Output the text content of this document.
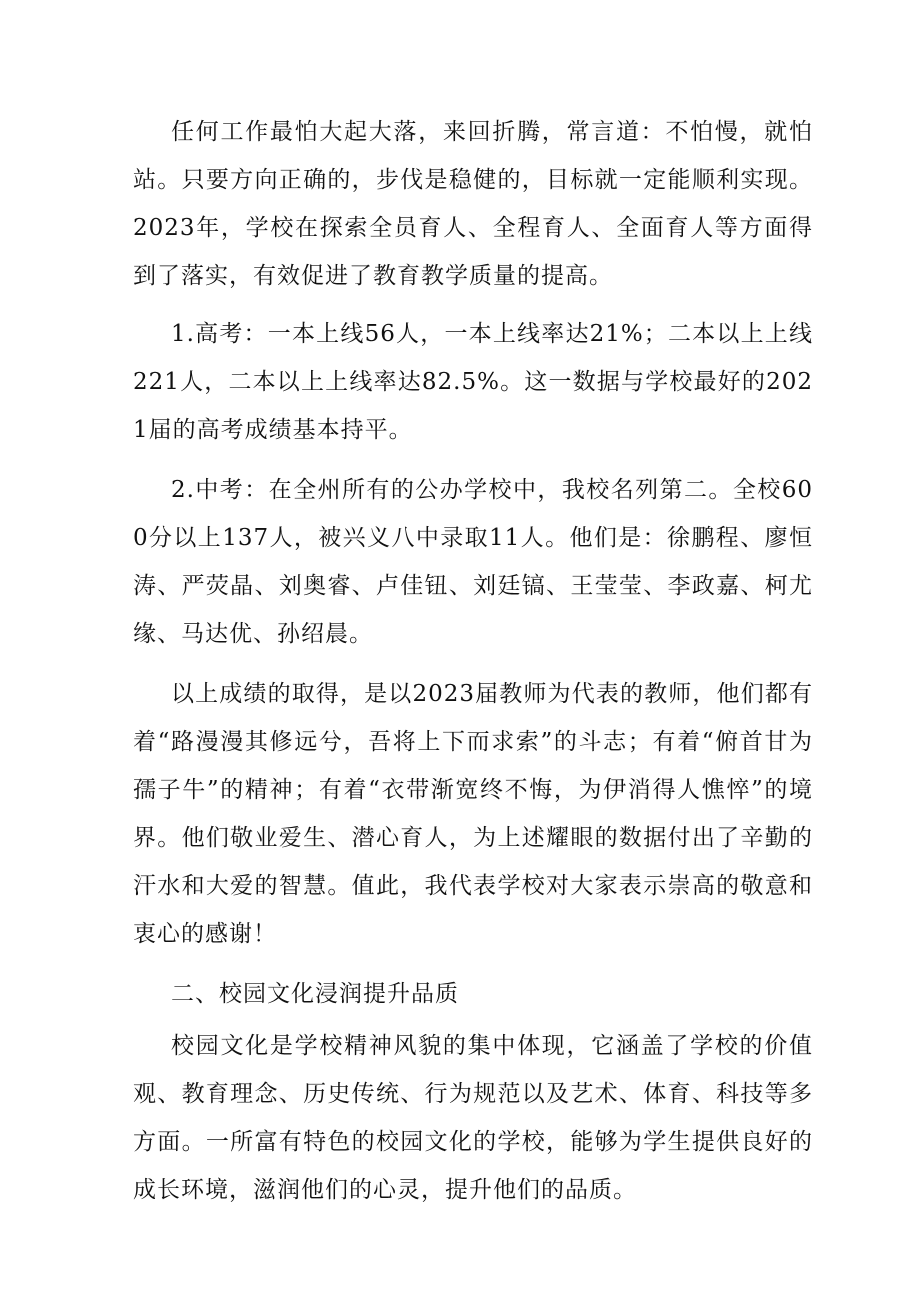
任何工作最怕大起大落，来回折腾，常言道：不怕慢，就怕站。只要方向正确的，步伐是稳健的，目标就一定能顺利实现。2023年，学校在探索全员育人、全程育人、全面育人等方面得到了落实，有效促进了教育教学质量的提高。

1.高考：一本上线56人，一本上线率达21%；二本以上上线221人，二本以上上线率达82.5%。这一数据与学校最好的2021届的高考成绩基本持平。

2.中考：在全州所有的公办学校中，我校名列第二。全校600分以上137人，被兴义八中录取11人。他们是：徐鹏程、廖恒涛、严荧晶、刘奥睿、卢佳钮、刘廷镐、王莹莹、李政嘉、柯尤缘、马达优、孙绍晨。

以上成绩的取得，是以2023届教师为代表的教师，他们都有着“路漫漫其修远兮，吾将上下而求索”的斗志；有着“俯首甘为孺子牛”的精神；有着“衣带渐宽终不悔，为伊消得人憔悴”的境界。他们敬业爱生、潜心育人，为上述耀眼的数据付出了辛勤的汗水和大爱的智慧。值此，我代表学校对大家表示崇高的敬意和衷心的感谢！

二、校园文化浸润提升品质

校园文化是学校精神风貌的集中体现，它涵盖了学校的价值观、教育理念、历史传统、行为规范以及艺术、体育、科技等多方面。一所富有特色的校园文化的学校，能够为学生提供良好的成长环境，滋润他们的心灵，提升他们的品质。
